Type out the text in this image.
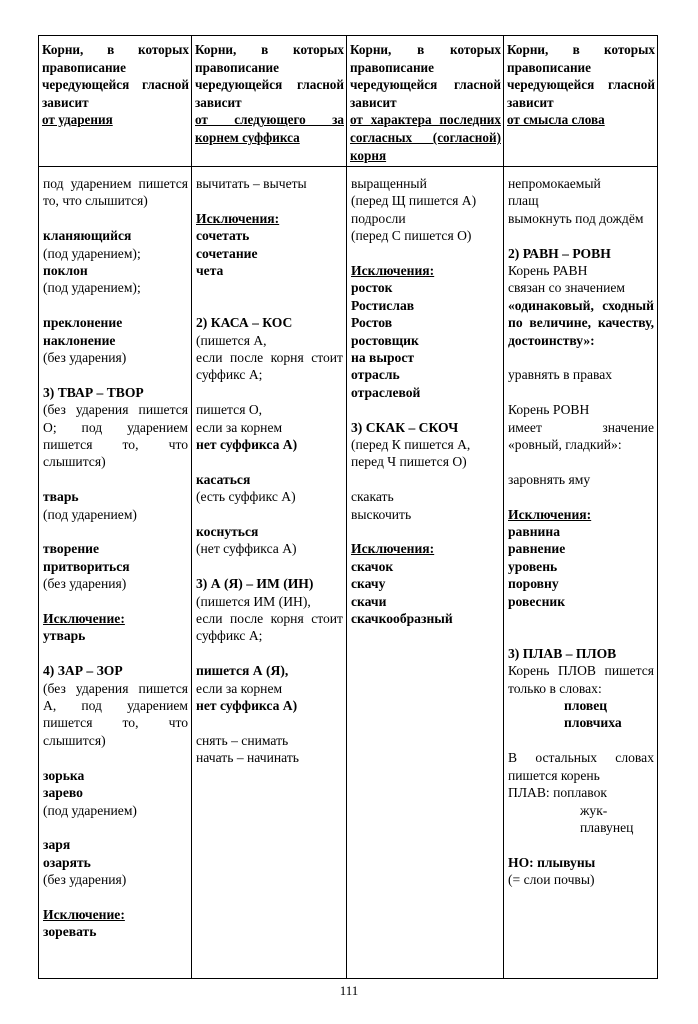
Корни, в которых правописание чередующейся гласной зависит
от ударения
Корни, в которых правописание чередующейся гласной зависит
от следующего за корнем суффикса
Корни, в которых правописание чередующейся гласной зависит
от характера последних согласных (согласной) корня
Корни, в которых правописание чередующейся гласной зависит
от смысла слова

под ударением пишется то, что слышится)

кланяющийся

(под ударением);

поклон

(под ударением);

преклонение

наклонение

(без ударения)

3) ТВАР – ТВОР

(без ударения пишется О; под ударением пишется то, что слышится)

тварь

(под ударением)

творение

притвориться

(без ударения)

Исключение:

утварь

4) ЗАР – ЗОР

(без ударения пишется А, под ударением пишется то, что слышится)

зорька

зарево

(под ударением)

заря

озарять

(без ударения)

Исключение:

зоревать

вычитать – вычеты

Исключения:

сочетать

сочетание

чета

2) КАСА – КОС

(пишется А,

если после корня стоит суффикс А;

пишется О,

если за корнем

нет суффикса А)

касаться

(есть суффикс А)

коснуться

(нет суффикса А)

3) А (Я) – ИМ (ИН)

(пишется ИМ (ИН),

если после корня стоит суффикс А;

пишется А (Я),

если за корнем

нет суффикса А)

снять – снимать

начать – начинать

выращенный

(перед Щ пишется А)

подросли

(перед С пишется О)

Исключения:

росток

Ростислав

Ростов

ростовщик

на вырост

отрасль

отраслевой

3) СКАК – СКОЧ

(перед К пишется А,

перед Ч пишется О)

скакать

выскочить

Исключения:

скачок

скачу

скачи

скачкообразный

непромокаемый

плащ

вымокнуть под дождём

2) РАВН – РОВН

Корень РАВН

связан со значением

«одинаковый, сходный по величине, качеству, достоинству»:

уравнять в правах

Корень РОВН

имеет значение «ровный, гладкий»:

заровнять яму

Исключения:

равнина

равнение

уровень

поровну

ровесник

3) ПЛАВ – ПЛОВ

Корень ПЛОВ пишется только в словах:

пловец

пловчиха

В остальных словах пишется корень

ПЛАВ: поплавок

жук-плавунец

НО: плывуны

(= слои почвы)

111
